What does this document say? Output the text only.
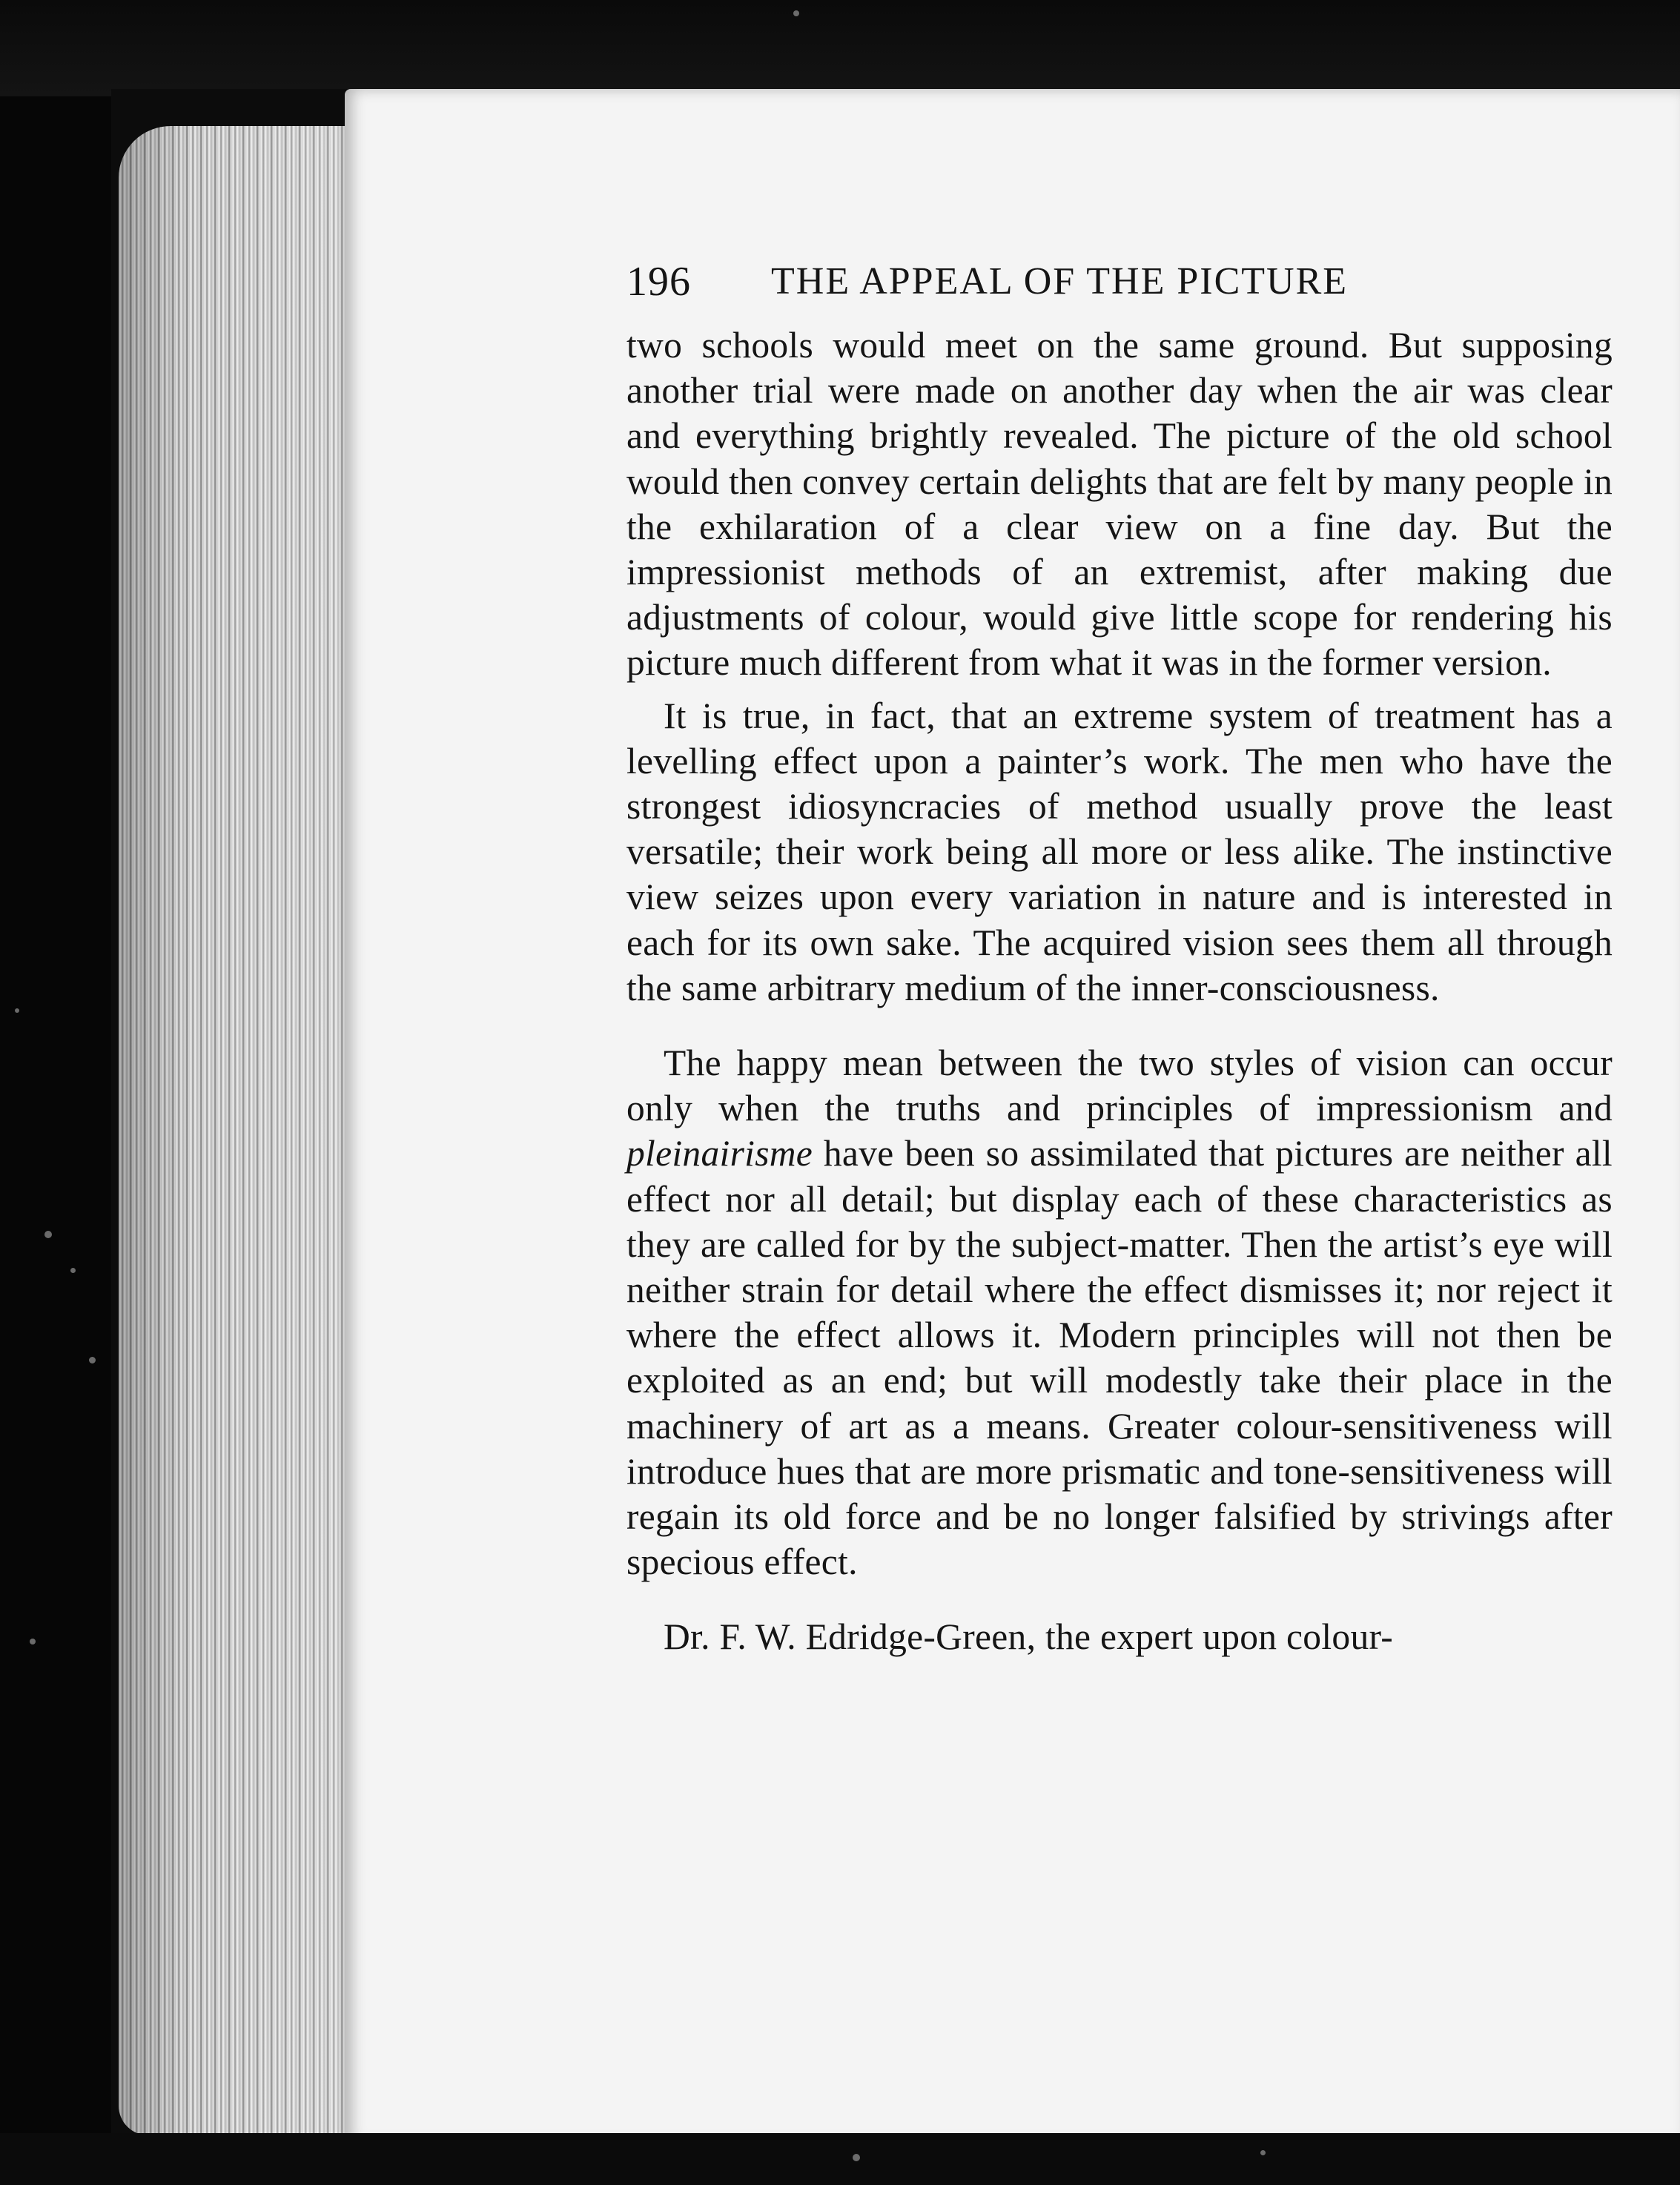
196 THE APPEAL OF THE PICTURE

two schools would meet on the same ground. But supposing another trial were made on another day when the air was clear and everything brightly revealed. The picture of the old school would then convey certain delights that are felt by many people in the exhilaration of a clear view on a fine day. But the impressionist methods of an extremist, after making due adjustments of colour, would give little scope for rendering his picture much different from what it was in the former version.

It is true, in fact, that an extreme system of treatment has a levelling effect upon a painter’s work. The men who have the strongest idiosyncracies of method usually prove the least versatile; their work being all more or less alike. The instinctive view seizes upon every variation in nature and is interested in each for its own sake. The acquired vision sees them all through the same arbitrary medium of the inner-consciousness.

The happy mean between the two styles of vision can occur only when the truths and principles of impressionism and pleinairisme have been so assimilated that pictures are neither all effect nor all detail; but display each of these characteristics as they are called for by the subject-matter. Then the artist’s eye will neither strain for detail where the effect dismisses it; nor reject it where the effect allows it. Modern principles will not then be exploited as an end; but will modestly take their place in the machinery of art as a means. Greater colour-sensitiveness will introduce hues that are more prismatic and tone-sensitiveness will regain its old force and be no longer falsified by strivings after specious effect.

Dr. F. W. Edridge-Green, the expert upon colour-
